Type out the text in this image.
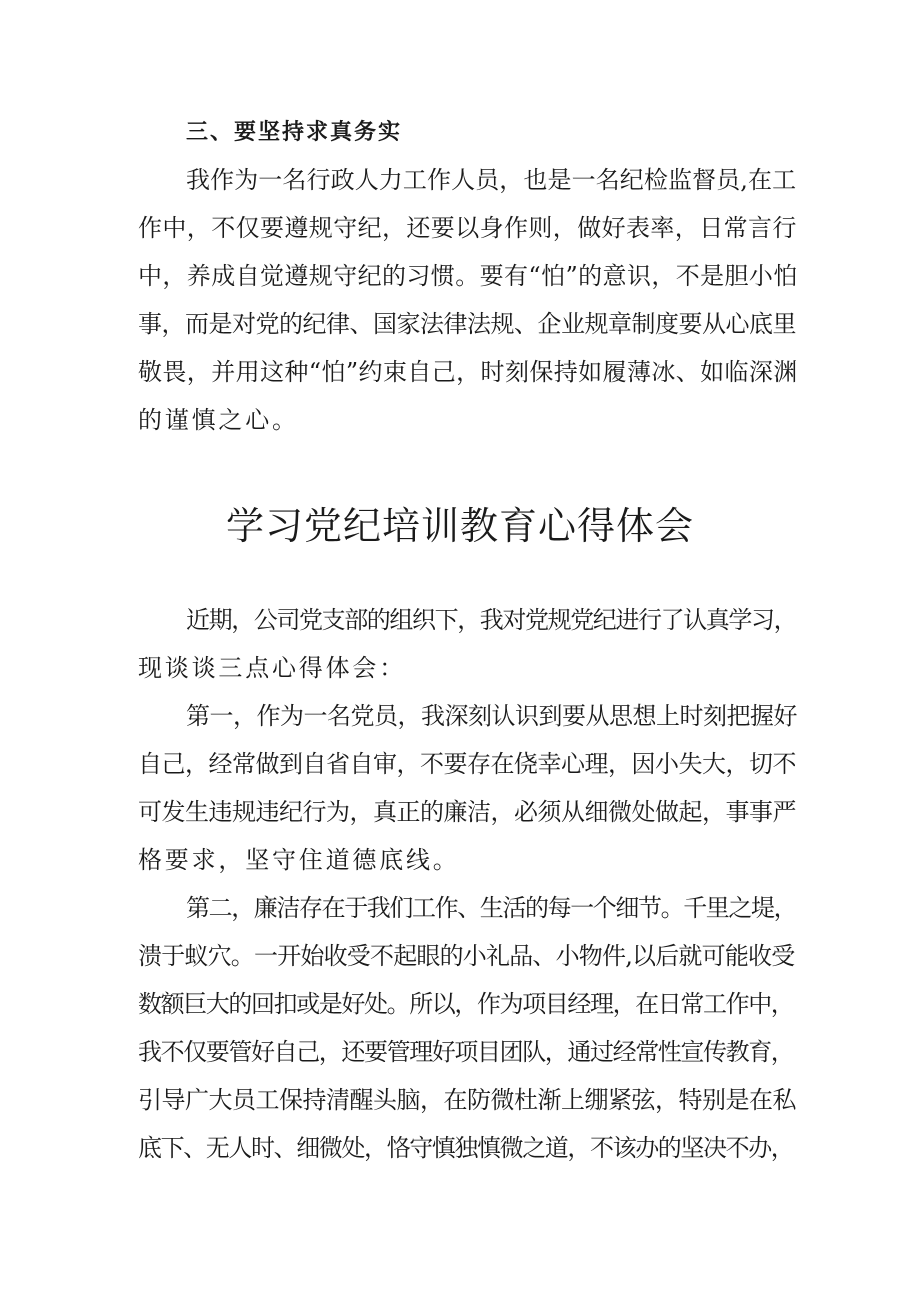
三、要坚持求真务实
我作为一名行政人力工作人员，也是一名纪检监督员,在工
作中，不仅要遵规守纪，还要以身作则，做好表率，日常言行
中，养成自觉遵规守纪的习惯。要有“怕”的意识，不是胆小怕
事，而是对党的纪律、国家法律法规、企业规章制度要从心底里
敬畏，并用这种“怕”约束自己，时刻保持如履薄冰、如临深渊
的谨慎之心。
学习党纪培训教育心得体会
近期，公司党支部的组织下，我对党规党纪进行了认真学习，
现谈谈三点心得体会：
第一，作为一名党员，我深刻认识到要从思想上时刻把握好
自己，经常做到自省自审，不要存在侥幸心理，因小失大，切不
可发生违规违纪行为，真正的廉洁，必须从细微处做起，事事严
格要求，坚守住道德底线。
第二，廉洁存在于我们工作、生活的每一个细节。千里之堤，
溃于蚁穴。一开始收受不起眼的小礼品、小物件,以后就可能收受
数额巨大的回扣或是好处。所以，作为项目经理，在日常工作中，
我不仅要管好自己，还要管理好项目团队，通过经常性宣传教育，
引导广大员工保持清醒头脑，在防微杜渐上绷紧弦，特别是在私
底下、无人时、细微处，恪守慎独慎微之道，不该办的坚决不办，
